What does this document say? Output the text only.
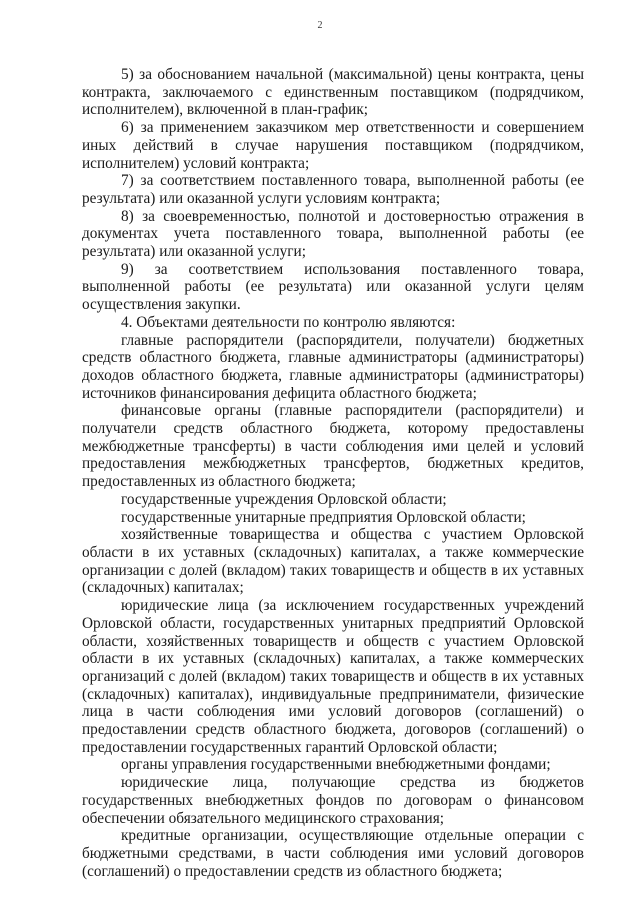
2

5) за обоснованием начальной (максимальной) цены контракта, цены контракта, заключаемого с единственным поставщиком (подрядчиком, исполнителем), включенной в план-график;

6) за применением заказчиком мер ответственности и совершением иных действий в случае нарушения поставщиком (подрядчиком, исполнителем) условий контракта;

7) за соответствием поставленного товара, выполненной работы (ее результата) или оказанной услуги условиям контракта;

8) за своевременностью, полнотой и достоверностью отражения в документах учета поставленного товара, выполненной работы (ее результата) или оказанной услуги;

9) за соответствием использования поставленного товара, выполненной работы (ее результата) или оказанной услуги целям осуществления закупки.

4. Объектами деятельности по контролю являются:

главные распорядители (распорядители, получатели) бюджетных средств областного бюджета, главные администраторы (администраторы) доходов областного бюджета, главные администраторы (администраторы) источников финансирования дефицита областного бюджета;

финансовые органы (главные распорядители (распорядители) и получатели средств областного бюджета, которому предоставлены межбюджетные трансферты) в части соблюдения ими целей и условий предоставления межбюджетных трансфертов, бюджетных кредитов, предоставленных из областного бюджета;

государственные учреждения Орловской области;

государственные унитарные предприятия Орловской области;

хозяйственные товарищества и общества с участием Орловской области в их уставных (складочных) капиталах, а также коммерческие организации с долей (вкладом) таких товариществ и обществ в их уставных (складочных) капиталах;

юридические лица (за исключением государственных учреждений Орловской области, государственных унитарных предприятий Орловской области, хозяйственных товариществ и обществ с участием Орловской области в их уставных (складочных) капиталах, а также коммерческих организаций с долей (вкладом) таких товариществ и обществ в их уставных (складочных) капиталах), индивидуальные предприниматели, физические лица в части соблюдения ими условий договоров (соглашений) о предоставлении средств областного бюджета, договоров (соглашений) о предоставлении государственных гарантий Орловской области;

органы управления государственными внебюджетными фондами;

юридические лица, получающие средства из бюджетов государственных внебюджетных фондов по договорам о финансовом обеспечении обязательного медицинского страхования;

кредитные организации, осуществляющие отдельные операции с бюджетными средствами, в части соблюдения ими условий договоров (соглашений) о предоставлении средств из областного бюджета;
